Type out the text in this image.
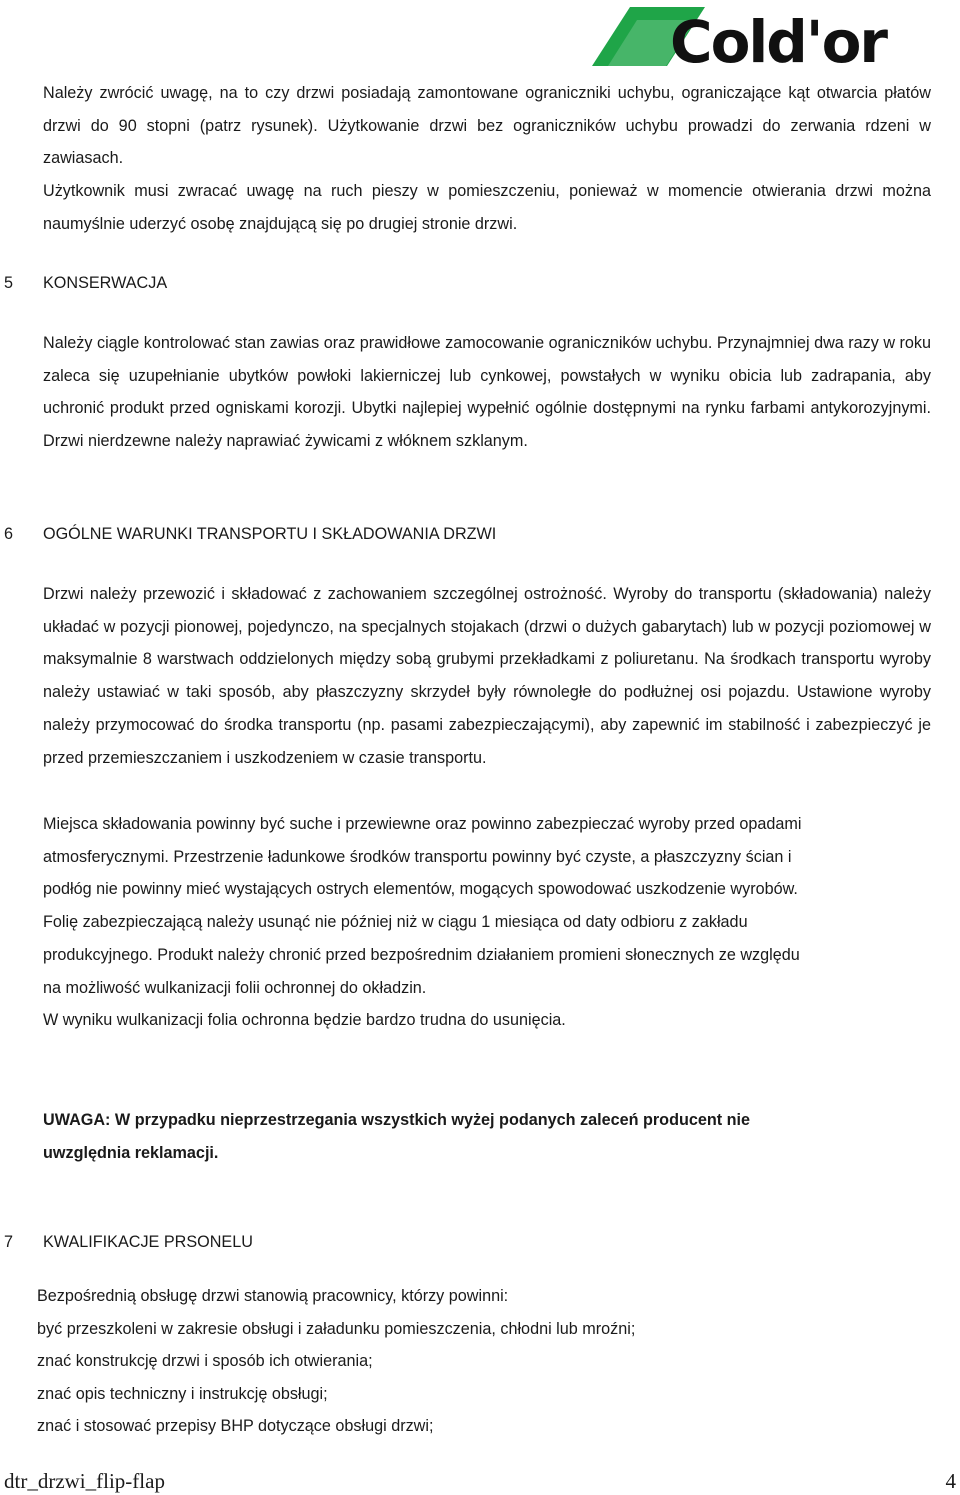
Cold'or

Należy zwrócić uwagę, na to czy drzwi posiadają zamontowane ograniczniki uchybu, ograniczające kąt otwarcia płatów drzwi do 90 stopni (patrz rysunek). Użytkowanie drzwi bez ograniczników uchybu prowadzi do zerwania rdzeni w zawiasach.

Użytkownik musi zwracać uwagę na ruch pieszy w pomieszczeniu, ponieważ w momencie otwierania drzwi można naumyślnie uderzyć osobę znajdującą się po drugiej stronie drzwi.

5 KONSERWACJA

Należy ciągle kontrolować stan zawias oraz prawidłowe zamocowanie ograniczników uchybu. Przynajmniej dwa razy w roku zaleca się uzupełnianie ubytków powłoki lakierniczej lub cynkowej, powstałych w wyniku obicia lub zadrapania, aby uchronić produkt przed ogniskami korozji. Ubytki najlepiej wypełnić ogólnie dostępnymi na rynku farbami antykorozyjnymi. Drzwi nierdzewne należy naprawiać żywicami z włóknem szklanym.

6 OGÓLNE WARUNKI TRANSPORTU I SKŁADOWANIA DRZWI

Drzwi należy przewozić i składować z zachowaniem szczególnej ostrożność. Wyroby do transportu (składowania) należy układać w pozycji pionowej, pojedynczo, na specjalnych stojakach (drzwi o dużych gabarytach) lub w pozycji poziomowej w maksymalnie 8 warstwach oddzielonych między sobą grubymi przekładkami z poliuretanu. Na środkach transportu wyroby należy ustawiać w taki sposób, aby płaszczyzny skrzydeł były równoległe do podłużnej osi pojazdu. Ustawione wyroby należy przymocować do środka transportu (np. pasami zabezpieczającymi), aby zapewnić im stabilność i zabezpieczyć je przed przemieszczaniem i uszkodzeniem w czasie transportu.

Miejsca składowania powinny być suche i przewiewne oraz powinno zabezpieczać wyroby przed opadami
atmosferycznymi. Przestrzenie ładunkowe środków transportu powinny być czyste, a płaszczyzny ścian i
podłóg nie powinny mieć wystających ostrych elementów, mogących spowodować uszkodzenie wyrobów.
Folię zabezpieczającą należy usunąć nie później niż w ciągu 1 miesiąca od daty odbioru z zakładu
produkcyjnego. Produkt należy chronić przed bezpośrednim działaniem promieni słonecznych ze względu
na możliwość wulkanizacji folii ochronnej do okładzin.
W wyniku wulkanizacji folia ochronna będzie bardzo trudna do usunięcia.
UWAGA: W przypadku nieprzestrzegania wszystkich wyżej podanych zaleceń producent nie
uwzględnia reklamacji.
7 KWALIFIKACJE PRSONELU
Bezpośrednią obsługę drzwi stanowią pracownicy, którzy powinni:
być przeszkoleni w zakresie obsługi i załadunku pomieszczenia, chłodni lub mroźni;
znać konstrukcję drzwi i sposób ich otwierania;
znać opis techniczny i instrukcję obsługi;
znać i stosować przepisy BHP dotyczące obsługi drzwi;
dtr_drzwi_flip-flap	4
